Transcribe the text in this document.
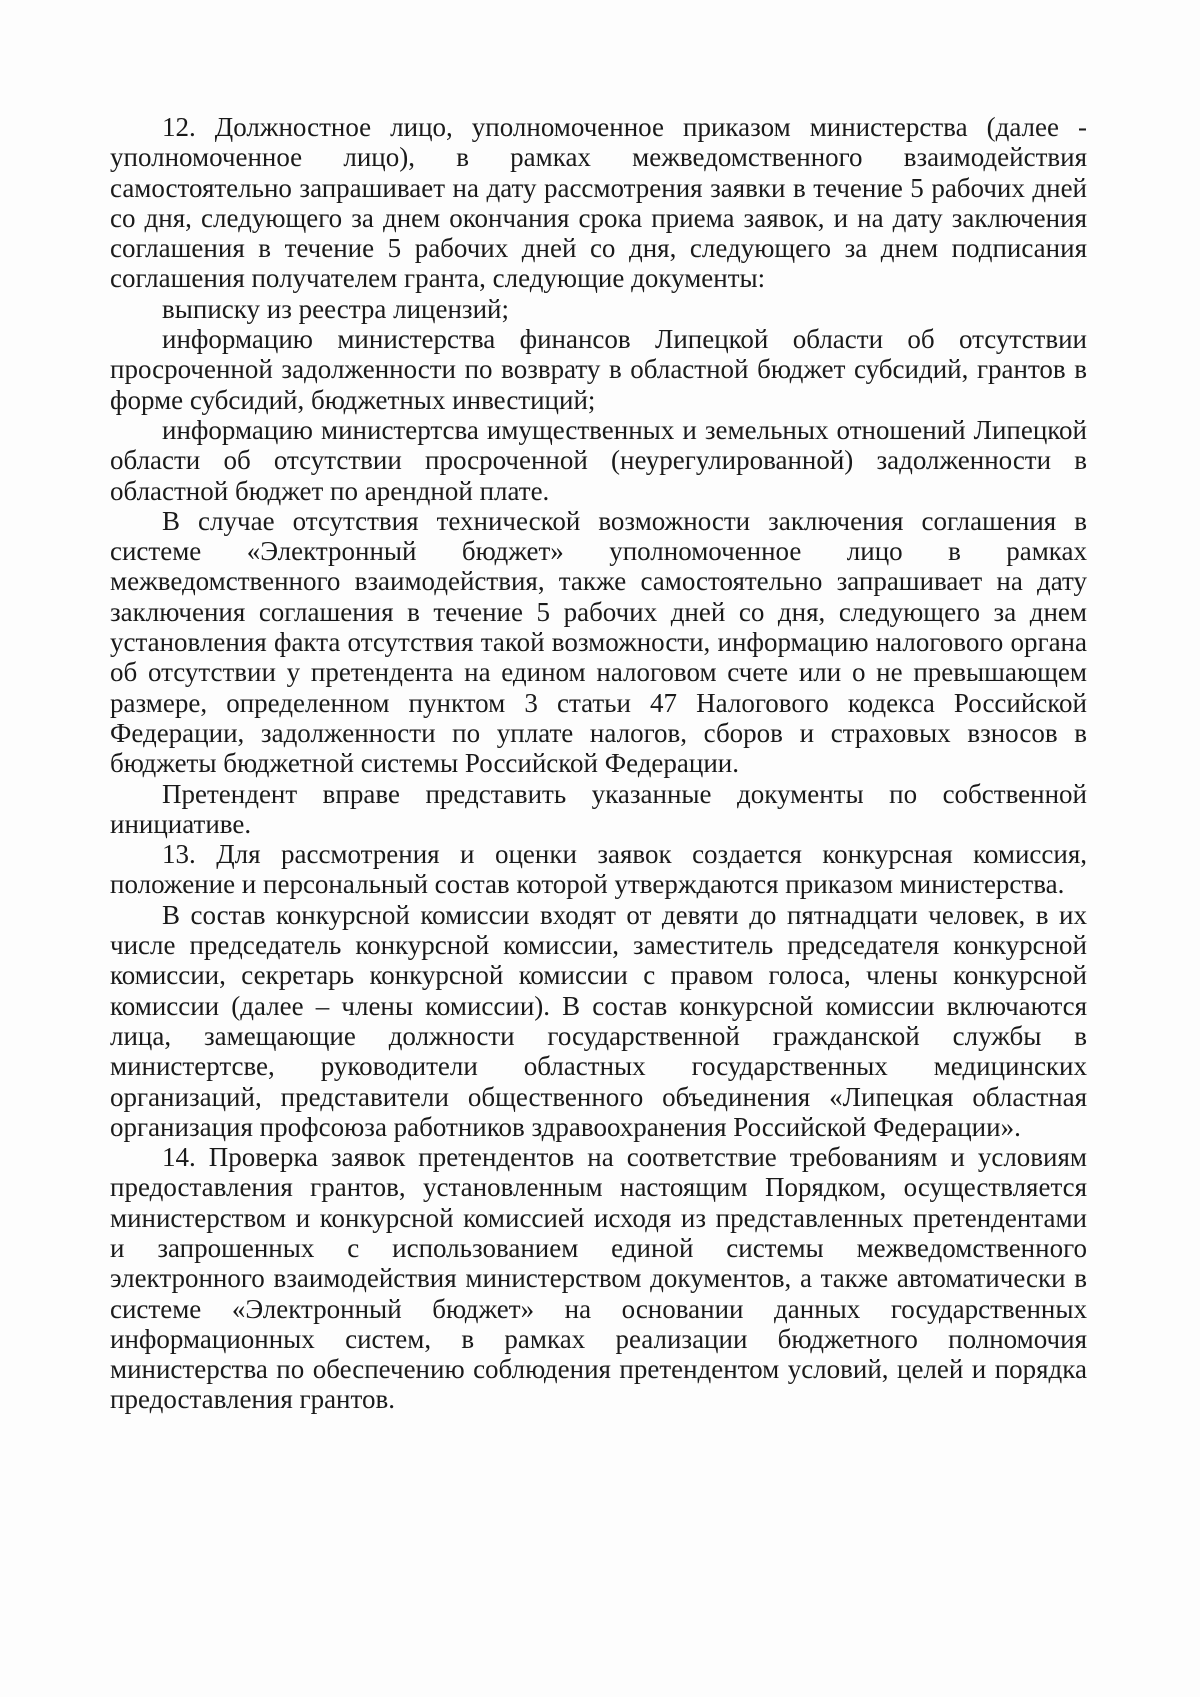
12. Должностное лицо, уполномоченное приказом министерства (далее - уполномоченное лицо), в рамках межведомственного взаимодействия самостоятельно запрашивает на дату рассмотрения заявки в течение 5 рабочих дней со дня, следующего за днем окончания срока приема заявок, и на дату заключения соглашения в течение 5 рабочих дней со дня, следующего за днем подписания соглашения получателем гранта, следующие документы:

выписку из реестра лицензий;

информацию министерства финансов Липецкой области об отсутствии просроченной задолженности по возврату в областной бюджет субсидий, грантов в форме субсидий, бюджетных инвестиций;

информацию министертсва имущественных и земельных отношений Липецкой области об отсутствии просроченной (неурегулированной) задолженности в областной бюджет по арендной плате.

В случае отсутствия технической возможности заключения соглашения в системе «Электронный бюджет» уполномоченное лицо в рамках межведомственного взаимодействия, также самостоятельно запрашивает на дату заключения соглашения в течение 5 рабочих дней со дня, следующего за днем установления факта отсутствия такой возможности, информацию налогового органа об отсутствии у претендента на едином налоговом счете или о не превышающем размере, определенном пунктом 3 статьи 47 Налогового кодекса Российской Федерации, задолженности по уплате налогов, сборов и страховых взносов в бюджеты бюджетной системы Российской Федерации.

Претендент вправе представить указанные документы по собственной инициативе.

13. Для рассмотрения и оценки заявок создается конкурсная комиссия, положение и персональный состав которой утверждаются приказом министерства.

В состав конкурсной комиссии входят от девяти до пятнадцати человек, в их числе председатель конкурсной комиссии, заместитель председателя конкурсной комиссии, секретарь конкурсной комиссии с правом голоса, члены конкурсной комиссии (далее – члены комиссии). В состав конкурсной комиссии включаются лица, замещающие должности государственной гражданской службы в министертсве, руководители областных государственных медицинских организаций, представители общественного объединения «Липецкая областная организация профсоюза работников здравоохранения Российской Федерации».

14. Проверка заявок претендентов на соответствие требованиям и условиям предоставления грантов, установленным настоящим Порядком, осуществляется министерством и конкурсной комиссией исходя из представленных претендентами и запрошенных с использованием единой системы межведомственного электронного взаимодействия министерством документов, а также автоматически в системе «Электронный бюджет» на основании данных государственных информационных систем, в рамках реализации бюджетного полномочия министерства по обеспечению соблюдения претендентом условий, целей и порядка предоставления грантов.
